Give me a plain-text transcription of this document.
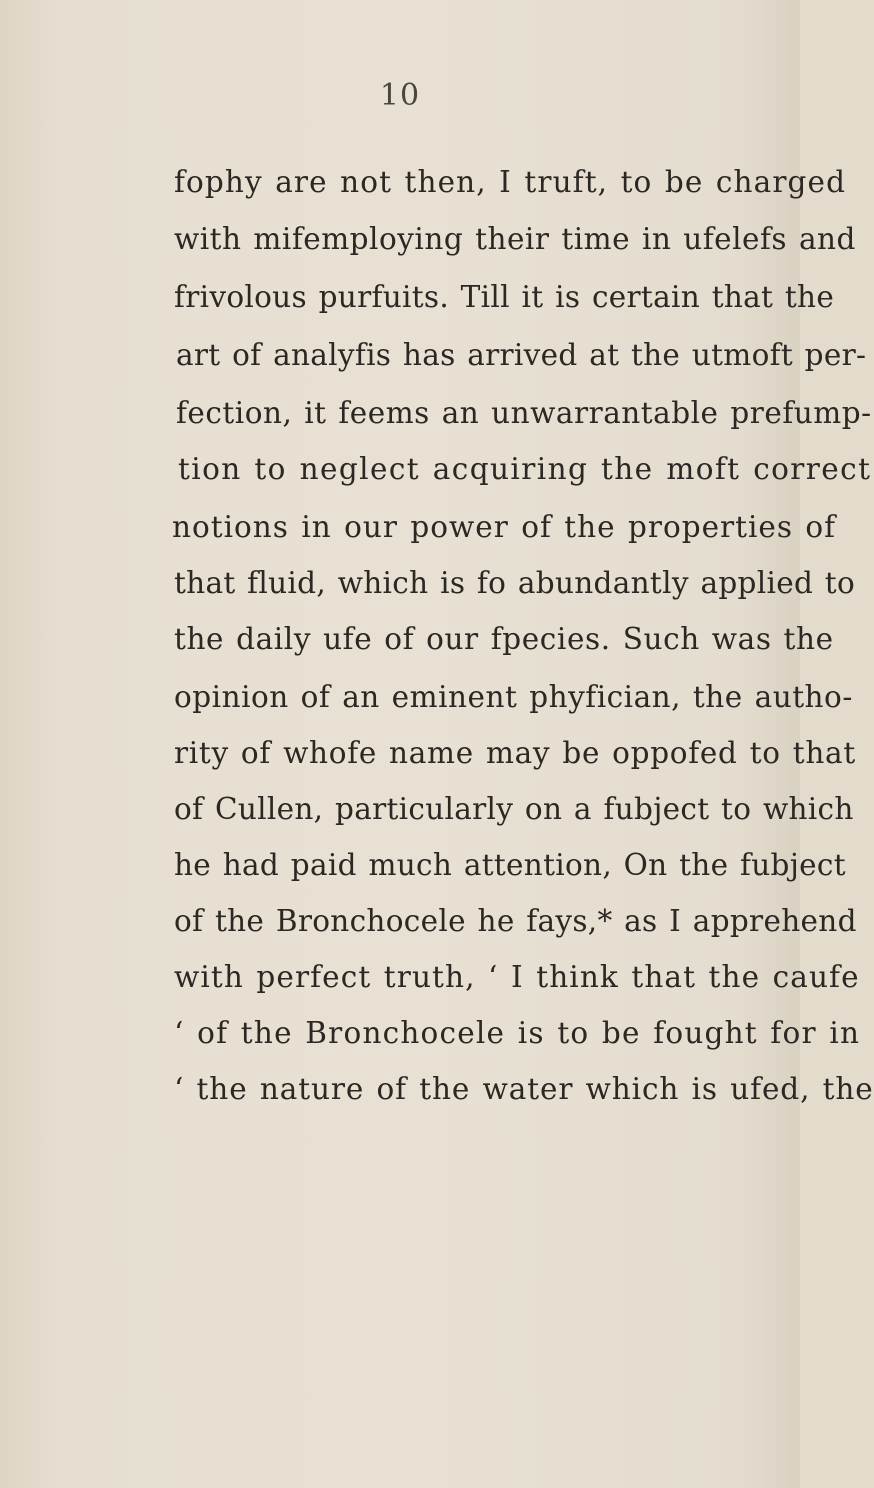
10
fophy are not then, I truft, to be charged
with mifemploying their time in ufelefs and
frivolous purfuits. Till it is certain that the
art of analyfis has arrived at the utmoft per-
fection, it feems an unwarrantable prefump-
tion to neglect acquiring the moft correct
notions in our power of the properties of
that fluid, which is fo abundantly applied to
the daily ufe of our fpecies. Such was the
opinion of an eminent phyfician, the autho-
rity of whofe name may be oppofed to that
of Cullen, particularly on a fubject to which
he had paid much attention, On the fubject
of the Bronchocele he fays,* as I apprehend
with perfect truth, ‘ I think that the caufe
‘ of the Bronchocele is to be fought for in
‘ the nature of the water which is ufed, the
